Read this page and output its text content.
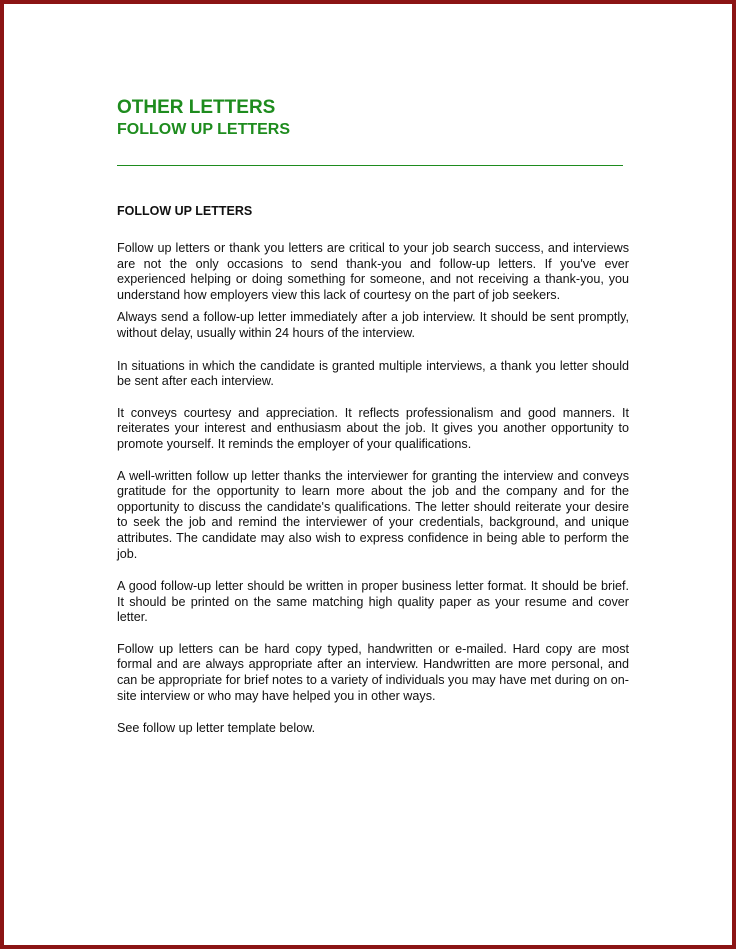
OTHER LETTERS
FOLLOW UP LETTERS
FOLLOW UP LETTERS

Follow up letters or thank you letters are critical to your job search success, and interviews are not the only occasions to send thank-you and follow-up letters. If you've ever experienced helping or doing something for someone, and not receiving a thank-you, you understand how employers view this lack of courtesy on the part of job seekers.

Always send a follow-up letter immediately after a job interview. It should be sent promptly, without delay, usually within 24 hours of the interview.

In situations in which the candidate is granted multiple interviews, a thank you letter should be sent after each interview.

It conveys courtesy and appreciation. It reflects professionalism and good manners. It reiterates your interest and enthusiasm about the job. It gives you another opportunity to promote yourself. It reminds the employer of your qualifications.

A well-written follow up letter thanks the interviewer for granting the interview and conveys gratitude for the opportunity to learn more about the job and the company and for the opportunity to discuss the candidate's qualifications. The letter should reiterate your desire to seek the job and remind the interviewer of your credentials, background, and unique attributes. The candidate may also wish to express confidence in being able to perform the job.

A good follow-up letter should be written in proper business letter format. It should be brief. It should be printed on the same matching high quality paper as your resume and cover letter.

Follow up letters can be hard copy typed, handwritten or e-mailed. Hard copy are most formal and are always appropriate after an interview. Handwritten are more personal, and can be appropriate for brief notes to a variety of individuals you may have met during on on-site interview or who may have helped you in other ways.

See follow up letter template below.
